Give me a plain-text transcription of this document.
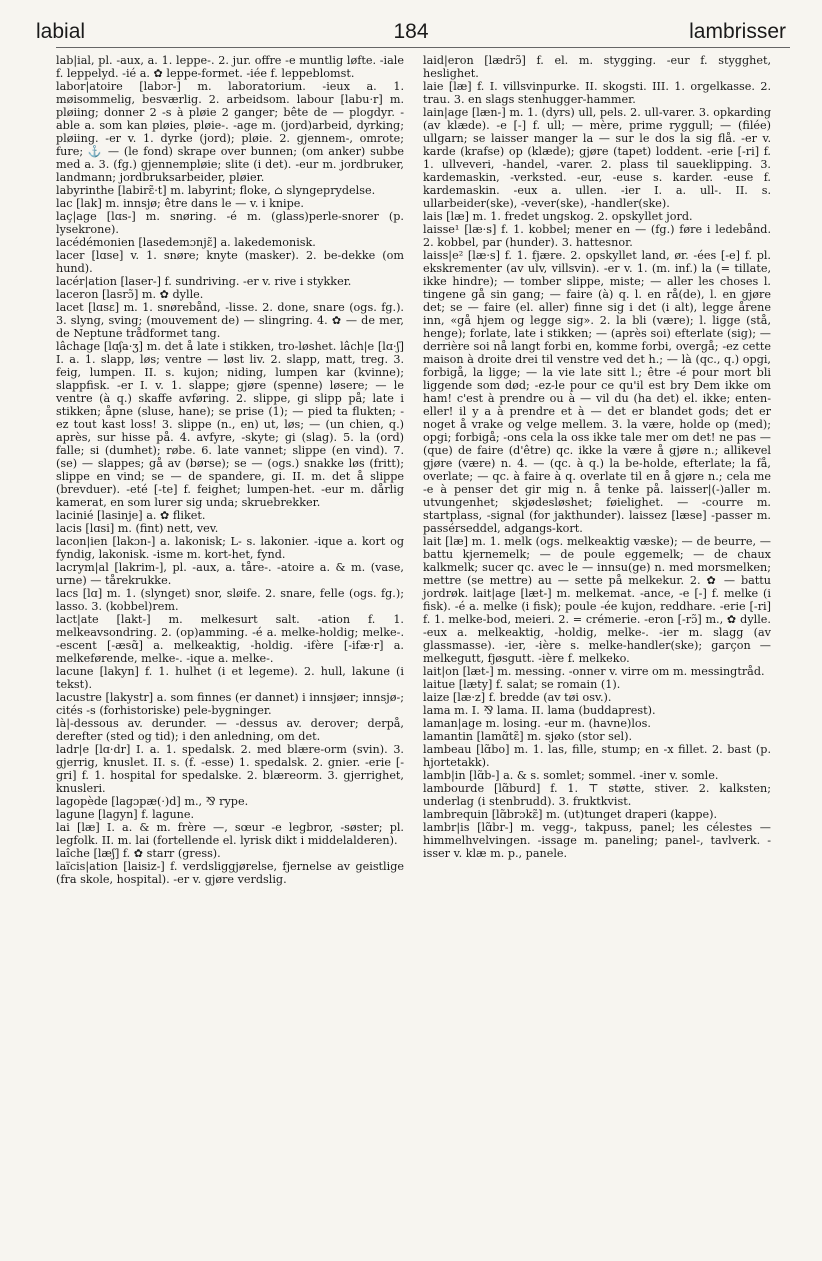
labial	184	lambrisser

lab|ial, pl. -aux, a. 1. leppe-. 2. jur. offre -e muntlig løfte. -iale f. leppelyd. -ié a. ✿ leppe-formet. -iée f. leppeblomst.

labor|atoire [labɔr-] m. laboratorium. -ieux a. 1. møisommelig, besværlig. 2. arbeidsom. labour [labu·r] m. pløiing; donner 2 -s à pløie 2 ganger; bête de — plogdyr. -able a. som kan pløies, pløie-. -age m. (jord)arbeid, dyrking; pløiing. -er v. 1. dyrke (jord); pløie. 2. gjennem-, omrote; fure; ⚓ — (le fond) skrape over bunnen; (om anker) subbe med a. 3. (fg.) gjennempløie; slite (i det). -eur m. jordbruker, landmann; jordbruksarbeider, pløier.

labyrinthe [labirɛ̃·t] m. labyrint; floke, ⌂ slyngeprydelse.

lac [lak] m. innsjø; être dans le — v. i knipe.

laç|age [lɑs-] m. snøring. -é m. (glass)perle-snorer (p. lysekrone).

lacédémonien [lasedemɔnjɛ̃] a. lakedemonisk.

lacer [lɑse] v. 1. snøre; knyte (masker). 2. be-dekke (om hund).

lacér|ation [laser-] f. sundriving. -er v. rive i stykker.

laceron [lasrɔ̃] m. ✿ dylle.

lacet [lɑsɛ] m. 1. snørebånd, -lisse. 2. done, snare (ogs. fg.). 3. slyng, sving; (mouvement de) — slingring. 4. ✿ — de mer, de Neptune trådformet tang.

lâchage [lɑʃa·ʒ] m. det å late i stikken, tro-løshet. lâch|e [lɑ·ʃ] I. a. 1. slapp, løs; ventre — løst liv. 2. slapp, matt, treg. 3. feig, lumpen. II. s. kujon; niding, lumpen kar (kvinne); slappfisk. -er I. v. 1. slappe; gjøre (spenne) løsere; — le ventre (à q.) skaffe avføring. 2. slippe, gi slipp på; late i stikken; åpne (sluse, hane); se prise (1); — pied ta flukten; -ez tout kast loss! 3. slippe (n., en) ut, løs; — (un chien, q.) après, sur hisse på. 4. avfyre, -skyte; gi (slag). 5. la (ord) falle; si (dumhet); røbe. 6. late vannet; slippe (en vind). 7. (se) — slappes; gå av (børse); se — (ogs.) snakke løs (fritt); slippe en vind; se — de spandere, gi. II. m. det å slippe (brevduer). -eté [-te] f. feighet; lumpen-het. -eur m. dårlig kamerat, en som lurer sig unda; skruebrekker.

lacinié [lasinje] a. ✿ fliket.

lacis [lɑsi] m. (fint) nett, vev.

lacon|ien [lakɔn-] a. lakonisk; L- s. lakonier. -ique a. kort og fyndig, lakonisk. -isme m. kort-het, fynd.

lacrym|al [lakrim-], pl. -aux, a. tåre-. -atoire a. & m. (vase, urne) — tårekrukke.

lacs [lɑ] m. 1. (slynget) snor, sløife. 2. snare, felle (ogs. fg.); lasso. 3. (kobbel)rem.

lact|ate [lakt-] m. melkesurt salt. -ation f. 1. melkeavsondring. 2. (op)amming. -é a. melke-holdig; melke-. -escent [-æsɑ̃] a. melkeaktig, -holdig. -ifère [-ifæ·r] a. melkeførende, melke-. -ique a. melke-.

lacune [lakyn] f. 1. hulhet (i et legeme). 2. hull, lakune (i tekst).

lacustre [lakystr] a. som finnes (er dannet) i innsjøer; innsjø-; cités -s (forhistoriske) pele-bygninger.

là|-dessous av. derunder. — -dessus av. derover; derpå, derefter (sted og tid); i den anledning, om det.

ladr|e [lɑ·dr] I. a. 1. spedalsk. 2. med blære-orm (svin). 3. gjerrig, knuslet. II. s. (f. -esse) 1. spedalsk. 2. gnier. -erie [-ɡri] f. 1. hospital for spedalske. 2. blæreorm. 3. gjerrighet, knusleri.

lagopède [lagɔpæ(·)d] m., ⅋ rype.

lagune [lagyn] f. lagune.

lai [læ] I. a. & m. frère —, sœur -e legbror, -søster; pl. legfolk. II. m. lai (fortellende el. lyrisk dikt i middelalderen).

laîche [læʃ] f. ✿ starr (gress).

laïcis|ation [laisiz-] f. verdsliggjørelse, fjernelse av geistlige (fra skole, hospital). -er v. gjøre verdslig.

laid|eron [lædrɔ̃] f. el. m. stygging. -eur f. stygghet, heslighet.

laie [læ] f. I. villsvinpurke. II. skogsti. III. 1. orgelkasse. 2. trau. 3. en slags stenhugger-hammer.

lain|age [læn-] m. 1. (dyrs) ull, pels. 2. ull-varer. 3. opkarding (av klæde). -e [-] f. ull; — mère, prime ryggull; — (filée) ullgarn; se laisser manger la — sur le dos la sig flå. -er v. karde (krafse) op (klæde); gjøre (tapet) loddent. -erie [-ri] f. 1. ullveveri, -handel, -varer. 2. plass til saueklipping. 3. kardemaskin, -verksted. -eur, -euse s. karder. -euse f. kardemaskin. -eux a. ullen. -ier I. a. ull-. II. s. ullarbeider(ske), -vever(ske), -handler(ske).

lais [læ] m. 1. fredet ungskog. 2. opskyllet jord.

laisse¹ [læ·s] f. 1. kobbel; mener en — (fg.) føre i ledebånd. 2. kobbel, par (hunder). 3. hattesnor.

laiss|e² [læ·s] f. 1. fjære. 2. opskyllet land, ør. -ées [-e] f. pl. ekskrementer (av ulv, villsvin). -er v. 1. (m. inf.) la (= tillate, ikke hindre); — tomber slippe, miste; — aller les choses l. tingene gå sin gang; — faire (à) q. l. en rå(de), l. en gjøre det; se — faire (el. aller) finne sig i det (i alt), legge årene inn, «gå hjem og legge sig». 2. la bli (være); l. ligge (stå, henge); forlate, late i stikken; — (après soi) efterlate (sig); — derrière soi nå langt forbi en, komme forbi, overgå; -ez cette maison à droite drei til venstre ved det h.; — là (qc., q.) opgi, forbigå, la ligge; — la vie late sitt l.; être -é pour mort bli liggende som død; -ez-le pour ce qu'il est bry Dem ikke om ham! c'est à prendre ou à — vil du (ha det) el. ikke; enten-eller! il y a à prendre et à — det er blandet gods; det er noget å vrake og velge mellem. 3. la være, holde op (med); opgi; forbigå; -ons cela la oss ikke tale mer om det! ne pas — (que) de faire (d'être) qc. ikke la være å gjøre n.; allikevel gjøre (være) n. 4. — (qc. à q.) la be-holde, efterlate; la få, overlate; — qc. à faire à q. overlate til en å gjøre n.; cela me -e à penser det gir mig n. å tenke på. laisser|(-)aller m. utvungenhet; skjødesløshet; føielighet. — -courre m. startplass, -signal (for jakthunder). laissez [læse] -passer m. passérseddel, adgangs-kort.

lait [læ] m. 1. melk (ogs. melkeaktig væske); — de beurre, — battu kjernemelk; — de poule eggemelk; — de chaux kalkmelk; sucer qc. avec le — innsu(ge) n. med morsmelken; mettre (se mettre) au — sette på melkekur. 2. ✿ — battu jordrøk. lait|age [læt-] m. melkemat. -ance, -e [-] f. melke (i fisk). -é a. melke (i fisk); poule -ée kujon, reddhare. -erie [-ri] f. 1. melke-bod, meieri. 2. = crémerie. -eron [-rɔ̃] m., ✿ dylle. -eux a. melkeaktig, -holdig, melke-. -ier m. slagg (av glassmasse). -ier, -ière s. melke-handler(ske); garçon — melkegutt, fjøsgutt. -ière f. melkeko.

lait|on [læt-] m. messing. -onner v. virre om m. messingtråd.

laitue [læty] f. salat; se romain (1).

laize [læ·z] f. bredde (av tøi osv.).

lama m. I. ⅋ lama. II. lama (buddaprest).

laman|age m. losing. -eur m. (havne)los.

lamantin [lamɑ̃tɛ̃] m. sjøko (stor sel).

lambeau [lɑ̃bo] m. 1. las, fille, stump; en -x fillet. 2. bast (p. hjortetakk).

lamb|in [lɑ̃b-] a. & s. somlet; sommel. -iner v. somle.

lambourde [lɑ̃burd] f. 1. ⊤ støtte, stiver. 2. kalksten; underlag (i stenbrudd). 3. fruktkvist.

lambrequin [lɑ̃brɔkɛ̃] m. (ut)tunget draperi (kappe).

lambr|is [lɑ̃br-] m. vegg-, takpuss, panel; les célestes — himmelhvelvingen. -issage m. paneling; panel-, tavlverk. -isser v. klæ m. p., panele.
